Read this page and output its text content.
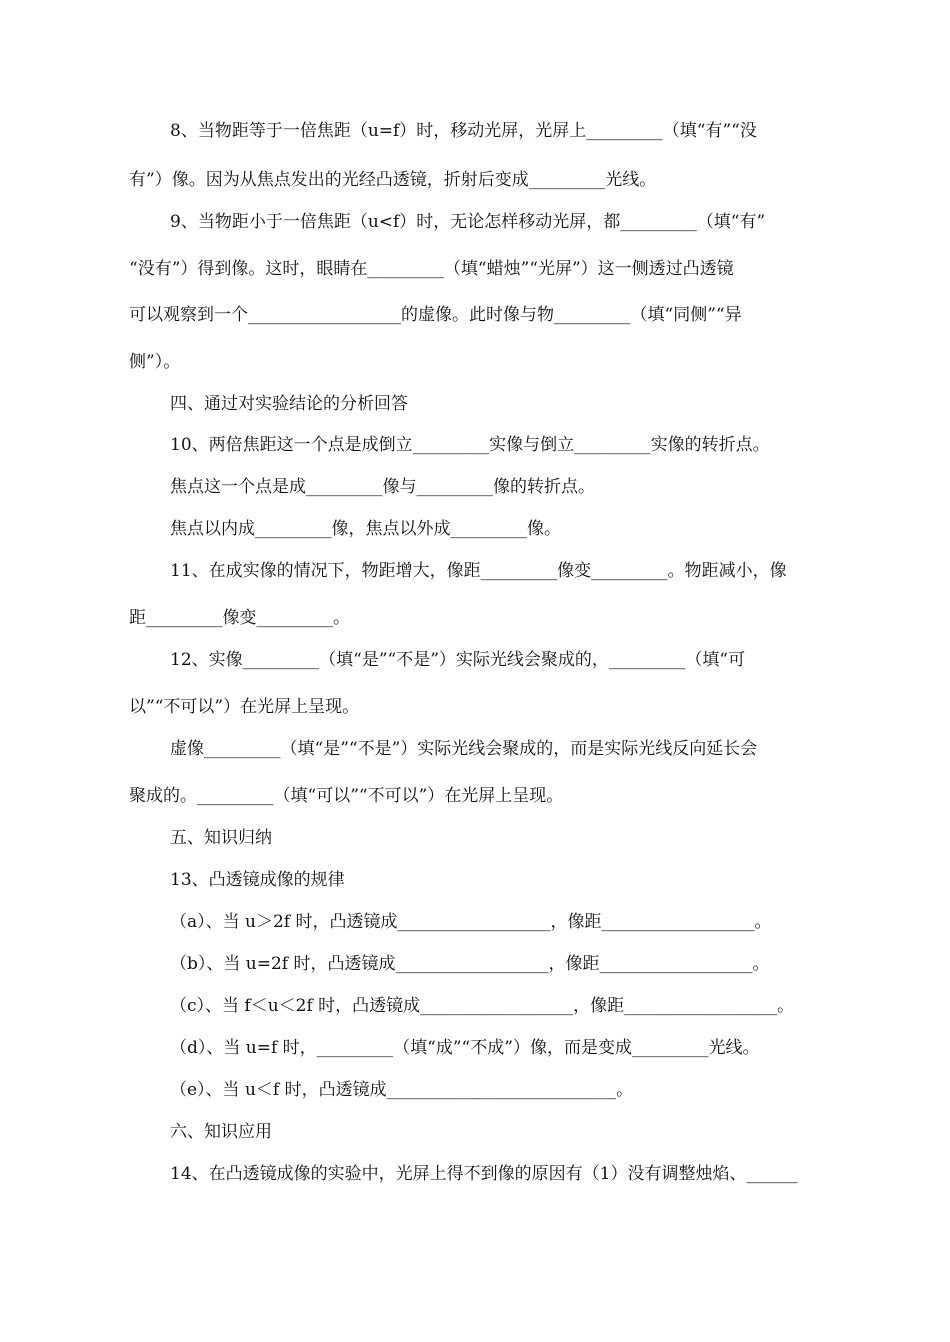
8、当物距等于一倍焦距（u=f）时，移动光屏，光屏上_________（填“有”“没
有”）像。因为从焦点发出的光经凸透镜，折射后变成_________光线。
9、当物距小于一倍焦距（u<f）时，无论怎样移动光屏，都_________（填“有”
“没有”）得到像。这时，眼睛在_________（填“蜡烛”“光屏”）这一侧透过凸透镜
可以观察到一个__________________的虚像。此时像与物_________（填“同侧”“异
侧”）。
四、通过对实验结论的分析回答
10、两倍焦距这一个点是成倒立_________实像与倒立_________实像的转折点。
焦点这一个点是成_________像与_________像的转折点。
焦点以内成_________像，焦点以外成_________像。
11、在成实像的情况下，物距增大，像距_________像变_________。物距减小，像
距_________像变_________。
12、实像_________（填“是”“不是”）实际光线会聚成的，_________（填“可
以”“不可以”）在光屏上呈现。
虚像_________（填“是”“不是”）实际光线会聚成的，而是实际光线反向延长会
聚成的。_________（填“可以”“不可以”）在光屏上呈现。
五、知识归纳
13、凸透镜成像的规律
（a）、当 u＞2f 时，凸透镜成__________________，像距__________________。
（b）、当 u=2f 时，凸透镜成__________________，像距__________________。
（c）、当 f＜u＜2f 时，凸透镜成__________________，像距__________________。
（d）、当 u=f 时，_________（填“成”“不成”）像，而是变成_________光线。
（e）、当 u＜f 时，凸透镜成___________________________。
六、知识应用
14、在凸透镜成像的实验中，光屏上得不到像的原因有（1）没有调整烛焰、______
